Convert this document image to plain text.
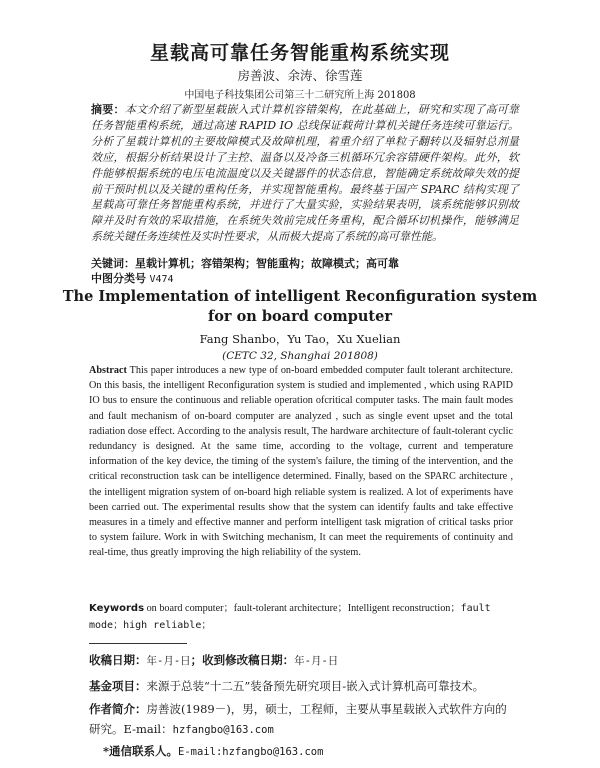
星载高可靠任务智能重构系统实现
房善波、余涛、徐雪莲
中国电子科技集团公司第三十二研究所上海 201808
摘要：本文介绍了新型星载嵌入式计算机容错架构，在此基础上，研究和实现了高可靠任务智能重构系统，通过高速 RAPID IO 总线保证载荷计算机关键任务连续可靠运行。分析了星载计算机的主要故障模式及故障机理，着重介绍了单粒子翻转以及辐射总剂量效应，根据分析结果设计了主控、温备以及冷备三机循环冗余容错硬件架构。此外，软件能够根据系统的电压电流温度以及关键器件的状态信息，智能确定系统故障失效的提前干预时机以及关键的重构任务，并实现智能重构。最终基于国产 SPARC 结构实现了星载高可靠任务智能重构系统，并进行了大量实验，实验结果表明，该系统能够识别故障并及时有效的采取措施，在系统失效前完成任务重构，配合循环切机操作，能够满足系统关键任务连续性及实时性要求，从而极大提高了系统的高可靠性能。
关键词：星载计算机；容错架构；智能重构；故障模式；高可靠
中图分类号 V474
The Implementation of intelligent Reconfiguration system for on board computer
Fang Shanbo，Yu Tao，Xu Xuelian
(CETC 32, Shanghai 201808)
Abstract This paper introduces a new type of on-board embedded computer fault tolerant architecture. On this basis, the intelligent Reconfiguration system is studied and implemented , which using RAPID IO bus to ensure the continuous and reliable operation ofcritical computer tasks. The main fault modes and fault mechanism of on-board computer are analyzed , such as single event upset and the total radiation dose effect. According to the analysis result, The hardware architecture of fault-tolerant cyclic redundancy is designed. At the same time, according to the voltage, current and temperature information of the key device, the timing of the system's failure, the timing of the intervention, and the critical reconstruction task can be intelligence determined. Finally, based on the SPARC architecture , the intelligent migration system of on-board high reliable system is realized. A lot of experiments have been carried out. The experimental results show that the system can identify faults and take effective measures in a timely and effective manner and perform intelligent task migration of critical tasks prior to system failure. Work in with Switching mechanism, It can meet the requirements of continuity and real-time, thus greatly improving the high reliability of the system.
Keywords on board computer；fault-tolerant architecture；Intelligent reconstruction；fault mode；high reliable；
收稿日期：年-月-日；收到修改稿日期：年-月-日
基金项目：来源于总装“十二五”装备预先研究项目-嵌入式计算机高可靠技术。
作者简介：房善波(1989－)，男，硕士，工程师，主要从事星载嵌入式软件方向的研究。E-mail：hzfangbo@163.com
*通信联系人。E-mail:hzfangbo@163.com
